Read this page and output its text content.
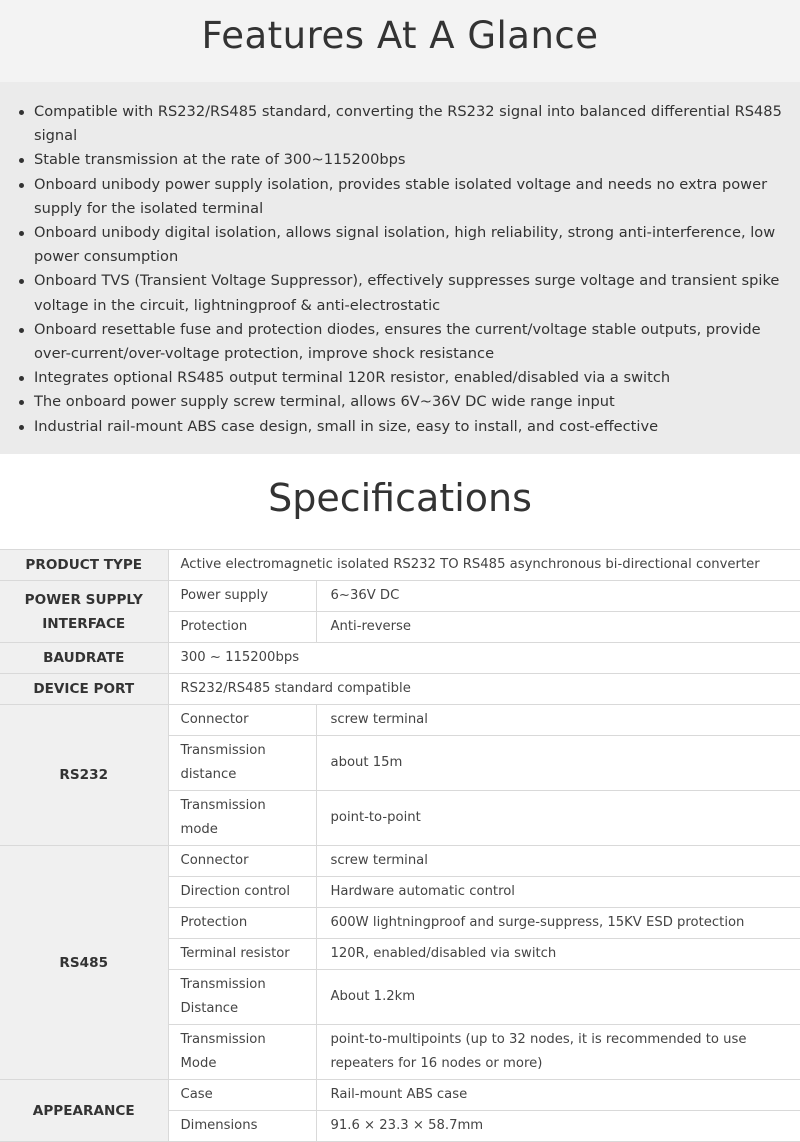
Features At A Glance
Compatible with RS232/RS485 standard, converting the RS232 signal into balanced differential RS485 signal
Stable transmission at the rate of 300~115200bps
Onboard unibody power supply isolation, provides stable isolated voltage and needs no extra power supply for the isolated terminal
Onboard unibody digital isolation, allows signal isolation, high reliability, strong anti-interference, low power consumption
Onboard TVS (Transient Voltage Suppressor), effectively suppresses surge voltage and transient spike voltage in the circuit, lightningproof & anti-electrostatic
Onboard resettable fuse and protection diodes, ensures the current/voltage stable outputs, provide over-current/over-voltage protection, improve shock resistance
Integrates optional RS485 output terminal 120R resistor, enabled/disabled via a switch
The onboard power supply screw terminal, allows 6V~36V DC wide range input
Industrial rail-mount ABS case design, small in size, easy to install, and cost-effective
Specifications
PRODUCT TYPE	Active electromagnetic isolated RS232 TO RS485 asynchronous bi-directional converter	
POWER SUPPLY INTERFACE	Power supply	6~36V DC
	Protection	Anti-reverse
BAUDRATE	300 ~ 115200bps	
DEVICE PORT	RS232/RS485 standard compatible	
RS232	Connector	screw terminal
	Transmission distance	about 15m
	Transmission mode	point-to-point
RS485	Connector	screw terminal
	Direction control	Hardware automatic control
	Protection	600W lightningproof and surge-suppress, 15KV ESD protection
	Terminal resistor	120R, enabled/disabled via switch
	Transmission Distance	About 1.2km
	Transmission Mode	point-to-multipoints (up to 32 nodes, it is recommended to use repeaters for 16 nodes or more)
APPEARANCE	Case	Rail-mount ABS case
	Dimensions	91.6 × 23.3 × 58.7mm
